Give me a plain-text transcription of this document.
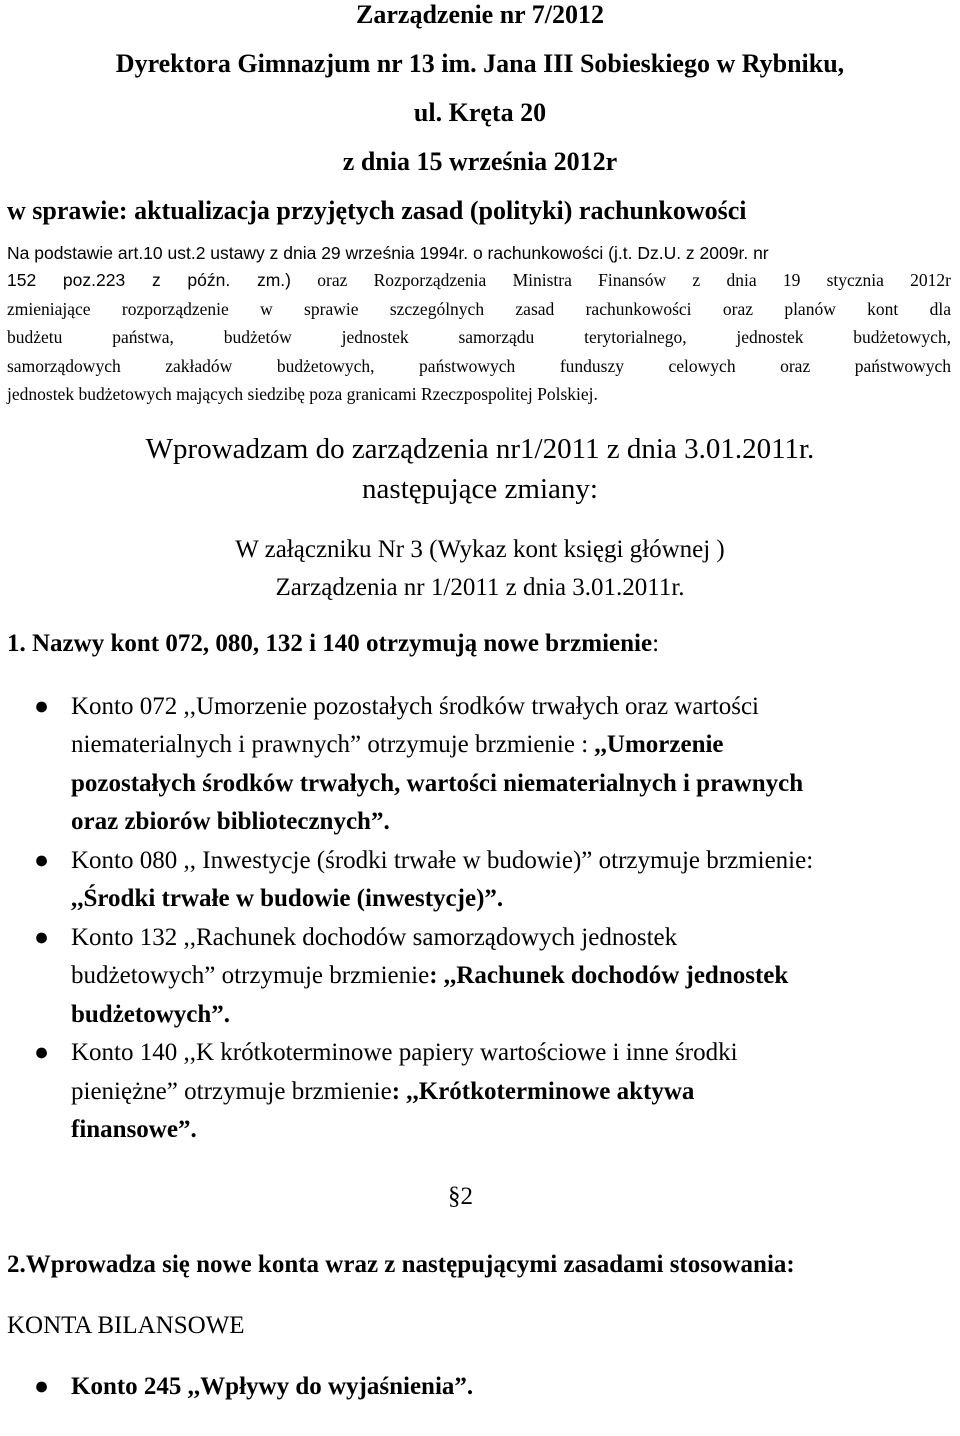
Zarządzenie nr 7/2012
Dyrektora Gimnazjum nr 13 im. Jana III Sobieskiego w Rybniku,
ul. Kręta 20
z dnia 15 września 2012r
w sprawie: aktualizacja przyjętych zasad (polityki) rachunkowości
Na podstawie art.10 ust.2 ustawy z dnia 29 września 1994r. o rachunkowości (j.t. Dz.U. z 2009r. nr
152 poz.223 z późn. zm.) oraz Rozporządzenia Ministra Finansów z dnia 19 stycznia 2012r
zmieniające rozporządzenie w sprawie szczególnych zasad rachunkowości oraz planów kont dla
budżetu państwa, budżetów jednostek samorządu terytorialnego, jednostek budżetowych,
samorządowych zakładów budżetowych, państwowych funduszy celowych oraz państwowych
jednostek budżetowych mających siedzibę poza granicami Rzeczpospolitej Polskiej.
Wprowadzam do zarządzenia nr1/2011 z dnia 3.01.2011r.
następujące zmiany:
W załączniku Nr 3 (Wykaz kont księgi głównej )
Zarządzenia nr 1/2011 z dnia 3.01.2011r.
1. Nazwy kont 072, 080, 132 i 140 otrzymują nowe brzmienie:
● Konto 072 ,,Umorzenie pozostałych środków trwałych oraz wartości
niematerialnych i prawnych” otrzymuje brzmienie : ,,Umorzenie
pozostałych środków trwałych, wartości niematerialnych i prawnych
oraz zbiorów bibliotecznych”.
● Konto 080 ,, Inwestycje (środki trwałe w budowie)” otrzymuje brzmienie:
,,Środki trwałe w budowie (inwestycje)”.
● Konto 132 ,,Rachunek dochodów samorządowych jednostek
budżetowych” otrzymuje brzmienie: ,,Rachunek dochodów jednostek
budżetowych”.
● Konto 140 ,,K krótkoterminowe papiery wartościowe i inne środki
pieniężne” otrzymuje brzmienie: ,,Krótkoterminowe aktywa
finansowe”.
§2
2.Wprowadza się nowe konta wraz z następującymi zasadami stosowania:
KONTA BILANSOWE
● Konto 245 ,,Wpływy do wyjaśnienia”.
